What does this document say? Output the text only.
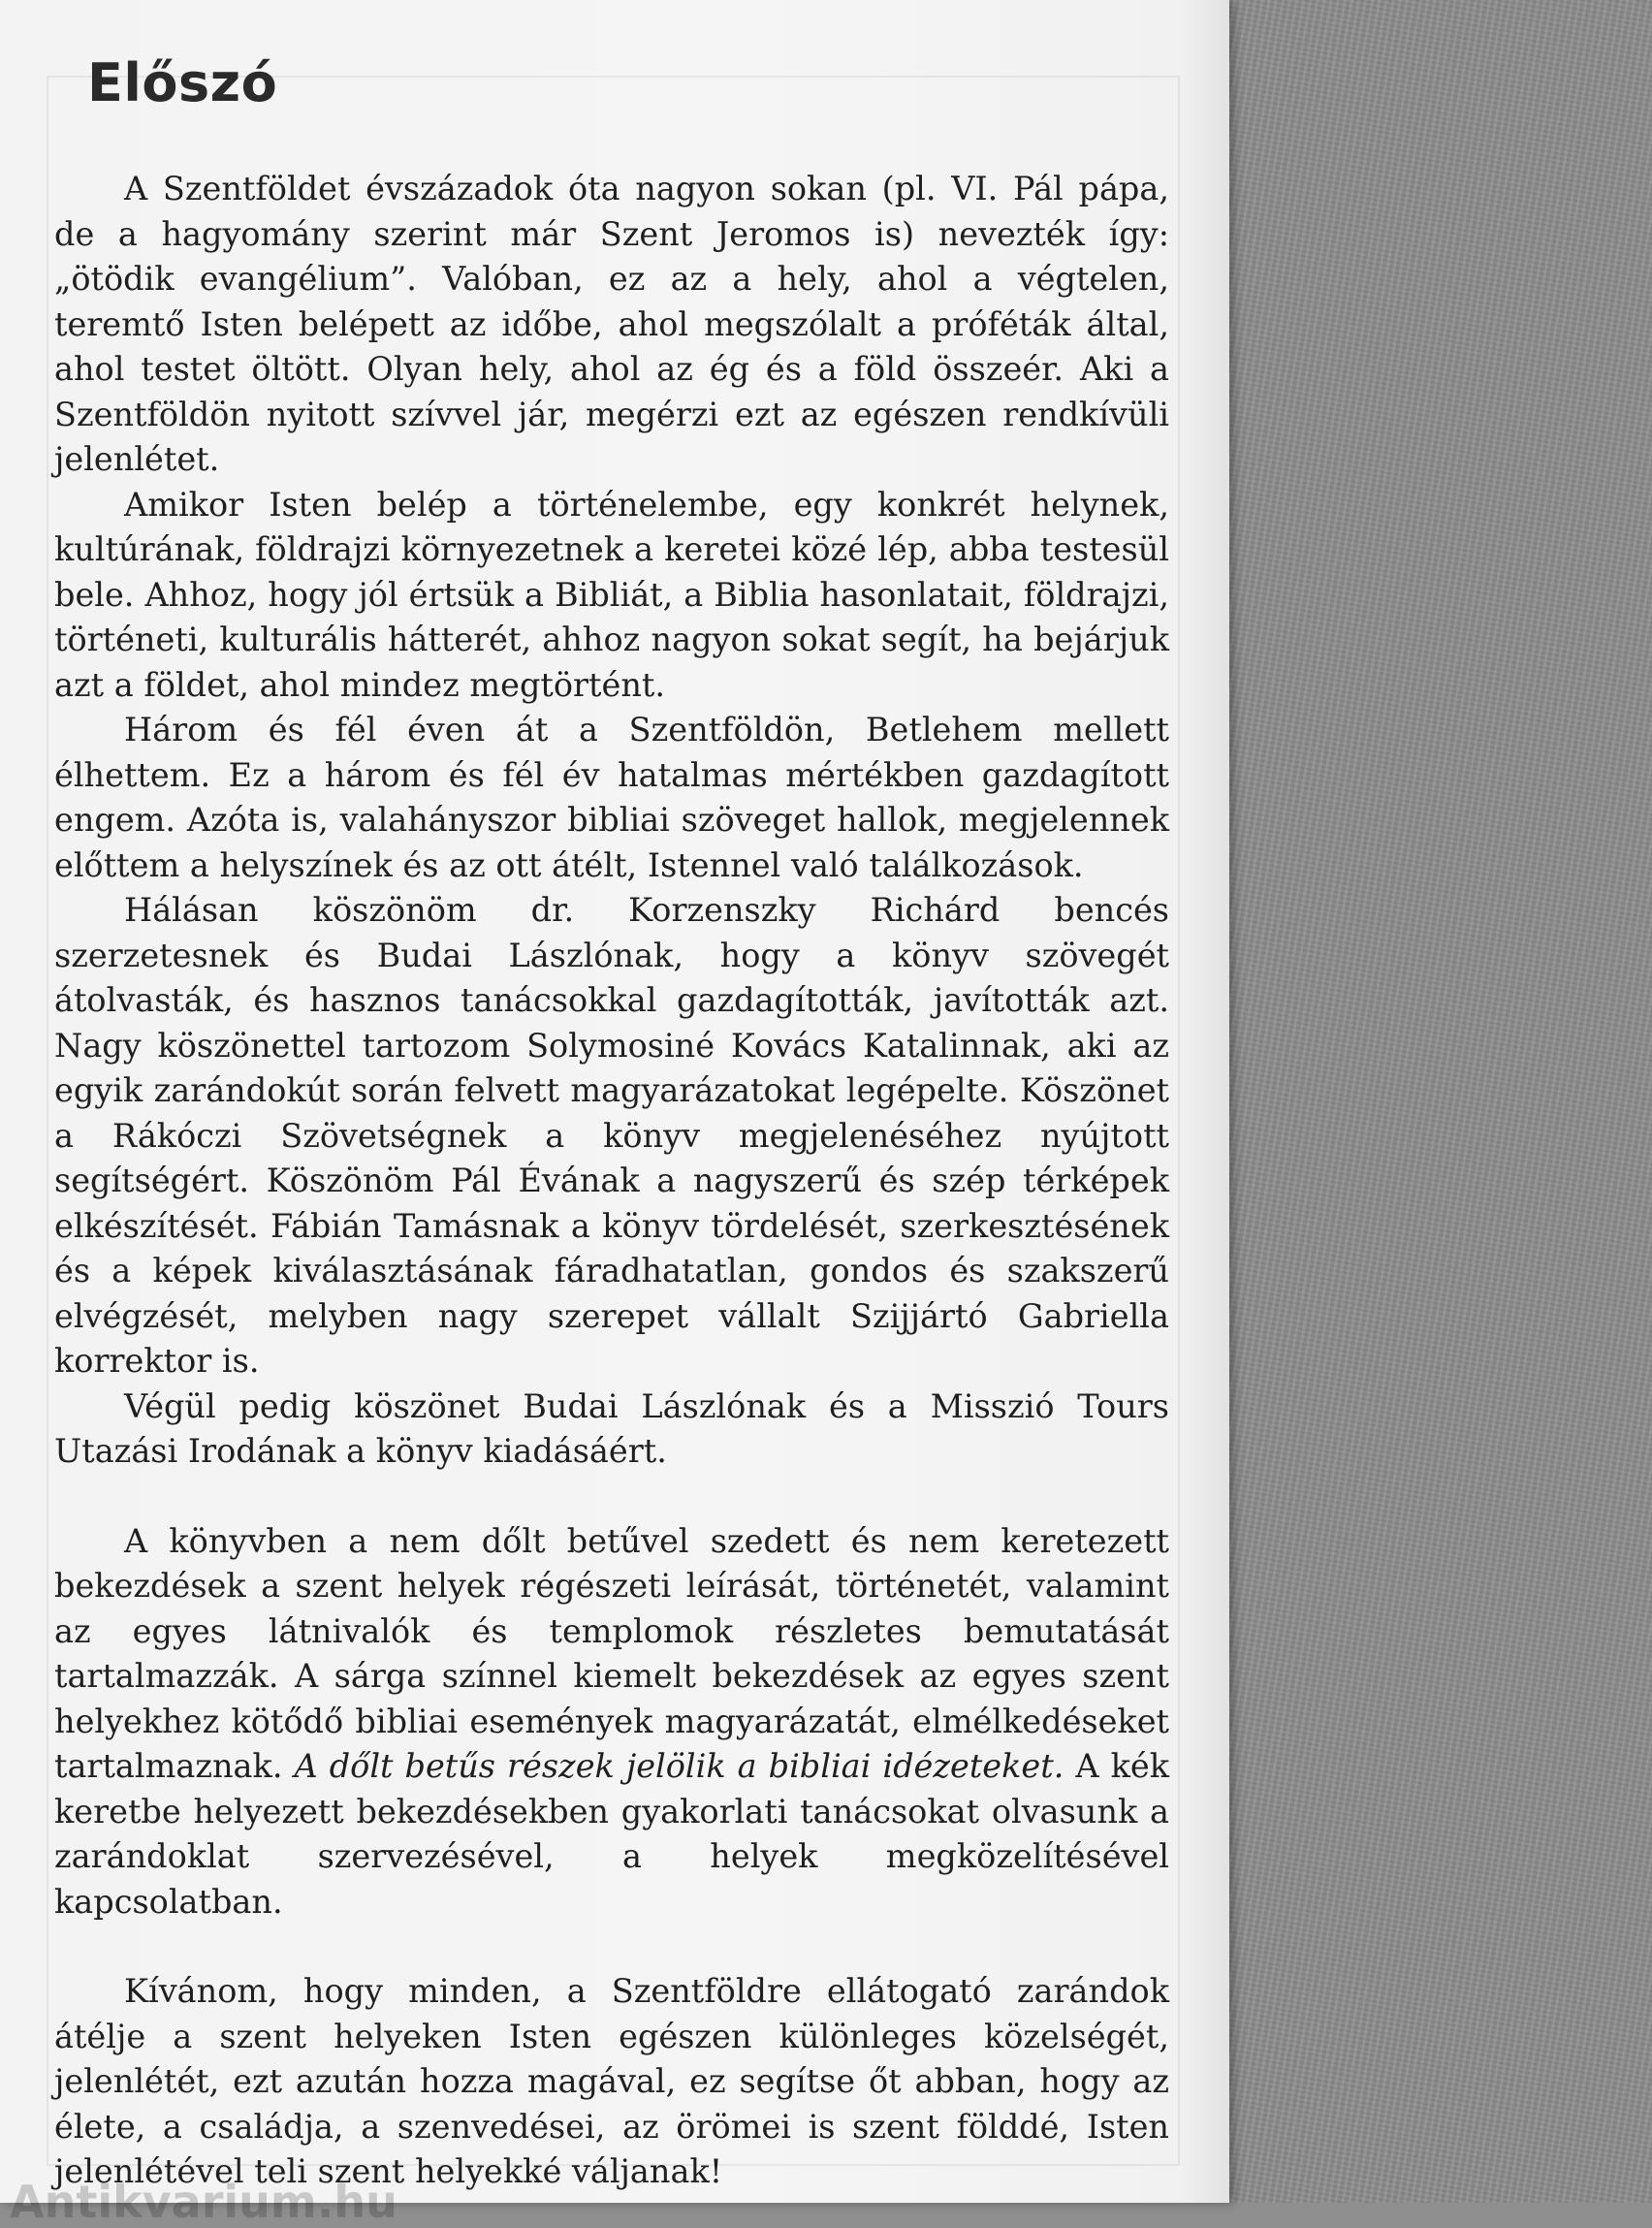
Előszó

A Szentföldet évszázadok óta nagyon sokan (pl. VI. Pál pápa, de a hagyomány szerint már Szent Jeromos is) nevezték így: „ötödik evangélium”. Valóban, ez az a hely, ahol a végtelen, teremtő Isten belépett az időbe, ahol megszólalt a próféták által, ahol testet öltött. Olyan hely, ahol az ég és a föld összeér. Aki a Szentföldön nyitott szívvel jár, megérzi ezt az egészen rendkívüli jelenlétet.

Amikor Isten belép a történelembe, egy konkrét helynek, kultúrának, földrajzi környezetnek a keretei közé lép, abba testesül bele. Ahhoz, hogy jól értsük a Bibliát, a Biblia hasonlatait, földrajzi, történeti, kulturális hátterét, ahhoz nagyon sokat segít, ha bejárjuk azt a földet, ahol mindez megtörtént.

Három és fél éven át a Szentföldön, Betlehem mellett élhettem. Ez a három és fél év hatalmas mértékben gazdagított engem. Azóta is, valahányszor bibliai szöveget hallok, megjelennek előttem a helyszínek és az ott átélt, Istennel való találkozások.

Hálásan köszönöm dr. Korzenszky Richárd bencés szerzetesnek és Budai Lászlónak, hogy a könyv szövegét átolvasták, és hasznos tanácsokkal gazdagították, javították azt. Nagy köszönettel tartozom Solymosiné Kovács Katalinnak, aki az egyik zarándokút során felvett magyarázatokat legépelte. Köszönet a Rákóczi Szövetségnek a könyv megjelenéséhez nyújtott segítségért. Köszönöm Pál Évának a nagyszerű és szép térképek elkészítését. Fábián Tamásnak a könyv tördelését, szerkesztésének és a képek kiválasztásának fáradhatatlan, gondos és szakszerű elvégzését, melyben nagy szerepet vállalt Szijjártó Gabriella korrektor is.

Végül pedig köszönet Budai Lászlónak és a Misszió Tours Utazási Irodának a könyv kiadásáért.

A könyvben a nem dőlt betűvel szedett és nem keretezett bekezdések a szent helyek régészeti leírását, történetét, valamint az egyes látnivalók és templomok részletes bemutatását tartalmazzák. A sárga színnel kiemelt bekezdések az egyes szent helyekhez kötődő bibliai események magyarázatát, elmélkedéseket tartalmaznak. A dőlt betűs részek jelölik a bibliai idézeteket. A kék keretbe helyezett bekezdésekben gyakorlati tanácsokat olvasunk a zarándoklat szervezésével, a helyek megközelítésével kapcsolatban.

Kívánom, hogy minden, a Szentföldre ellátogató zarándok átélje a szent helyeken Isten egészen különleges közelségét, jelenlétét, ezt azután hozza magával, ez segítse őt abban, hogy az élete, a családja, a szenvedései, az örömei is szent földdé, Isten jelenlétével teli szent helyekké váljanak!

Antikvarium.hu
